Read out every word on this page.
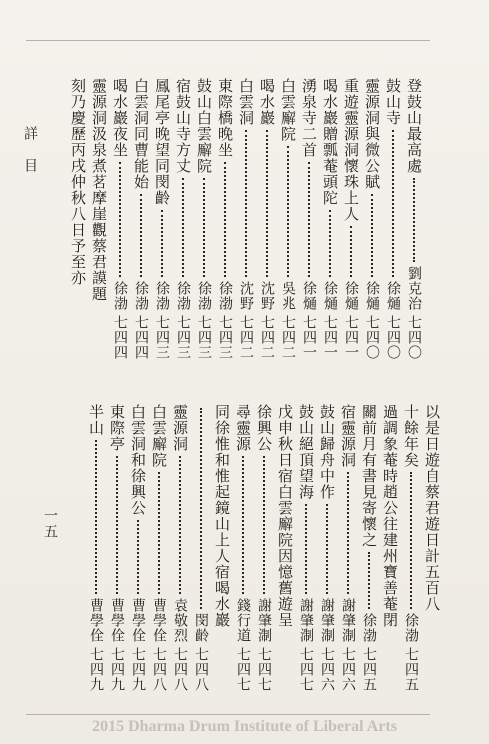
詳目	登鼓山最高處
劉克治
七四〇
鼓山寺
徐熥
七四〇
靈源洞與微公賦
徐熥
七四〇
重遊靈源洞懷珠上人
徐熥
七四一
喝水巖贈瓢菴頭陀
徐熥
七四一
湧泉寺二首
徐熥
七四一
白雲廨院
吳兆
七四二
喝水巖
沈野
七四二
白雲洞
沈野
七四二
東際橋晚坐
徐渤
七四三
鼓山白雲廨院
徐渤
七四三
宿鼓山寺方丈
徐渤
七四三
鳳尾亭晚望同閔齡
徐渤
七四三
白雲洞同曹能始
徐渤
七四四
喝水巖夜坐
徐渤
七四四
靈源洞汲泉煮茗摩崖觀蔡君謨題
刻乃慶歷丙戌仲秋八日予至亦
以是日遊自蔡君遊日計五百八
十餘年矣
徐渤
七四五
過調象菴時趙公往建州寶善菴閉
關前月有書見寄懷之
徐渤
七四五
宿靈源洞
謝肇淛
七四六
鼓山歸舟中作
謝肇淛
七四六
鼓山絕頂望海
謝肇淛
七四七
戊申秋日宿白雲廨院因憶舊遊呈
徐興公
謝肇淛
七四七
尋靈源
錢行道
七四七
同徐惟和惟起鏡山上人宿喝水巖
閔齡
七四八
靈源洞
袁敬烈
七四八
白雲廨院
曹學佺
七四八
白雲洞和徐興公
曹學佺
七四九
東際亭
曹學佺
七四九
半山
曹學佺
七四九
一五
2015 Dharma Drum Institute of Liberal Arts
